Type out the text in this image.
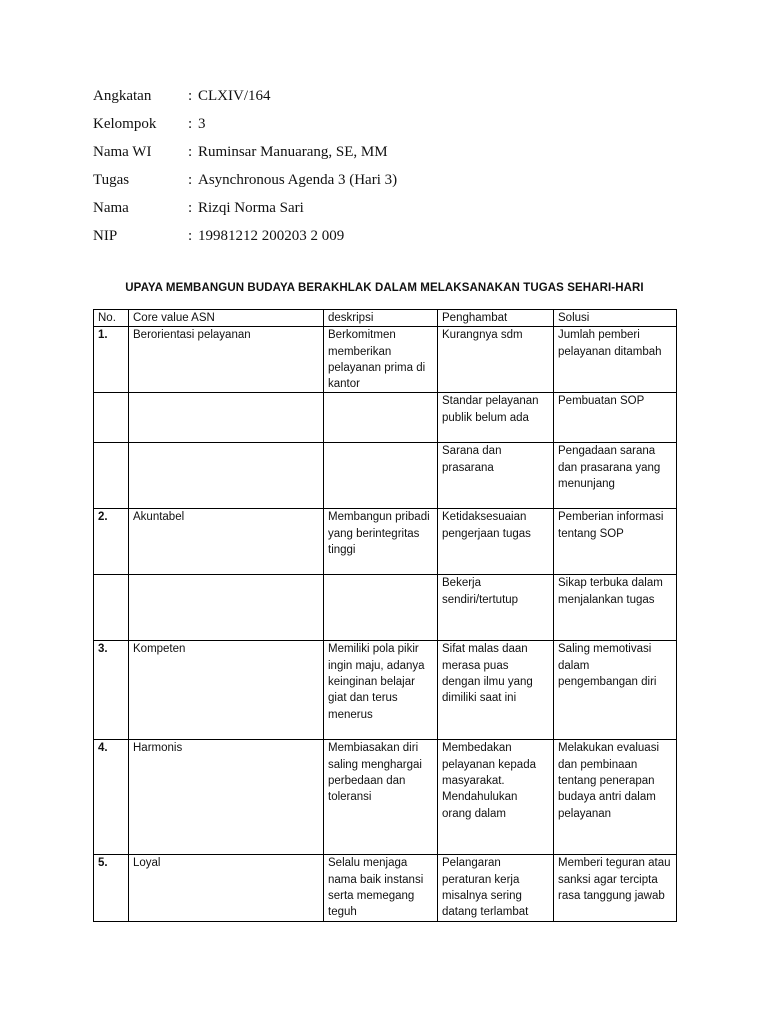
Angkatan	: CLXIV/164
Kelompok	: 3
Nama WI	: Ruminsar Manuarang, SE, MM
Tugas	: Asynchronous Agenda 3 (Hari 3)
Nama	: Rizqi Norma Sari
NIP	: 19981212 200203 2 009
UPAYA MEMBANGUN BUDAYA BERAKHLAK DALAM MELAKSANAKAN TUGAS SEHARI-HARI
No.	Core value ASN	deskripsi	Penghambat	Solusi
1.	Berorientasi pelayanan	Berkomitmen memberikan pelayanan prima di kantor	Kurangnya sdm	Jumlah pemberi pelayanan ditambah
			Standar pelayanan publik belum ada	Pembuatan SOP
			Sarana dan prasarana	Pengadaan sarana dan prasarana yang menunjang
2.	Akuntabel	Membangun pribadi yang berintegritas tinggi	Ketidaksesuaian pengerjaan tugas	Pemberian informasi tentang SOP
			Bekerja sendiri/tertutup	Sikap terbuka dalam menjalankan tugas
3.	Kompeten	Memiliki pola pikir ingin maju, adanya keinginan belajar giat dan terus menerus	Sifat malas daan merasa puas dengan ilmu yang dimiliki saat ini	Saling memotivasi dalam pengembangan diri
4.	Harmonis	Membiasakan diri saling menghargai perbedaan dan toleransi	Membedakan pelayanan kepada masyarakat. Mendahulukan orang dalam	Melakukan evaluasi dan pembinaan tentang penerapan budaya antri dalam pelayanan
5.	Loyal	Selalu menjaga nama baik instansi serta memegang teguh	Pelangaran peraturan kerja misalnya sering datang terlambat	Memberi teguran atau sanksi agar tercipta rasa tanggung jawab
